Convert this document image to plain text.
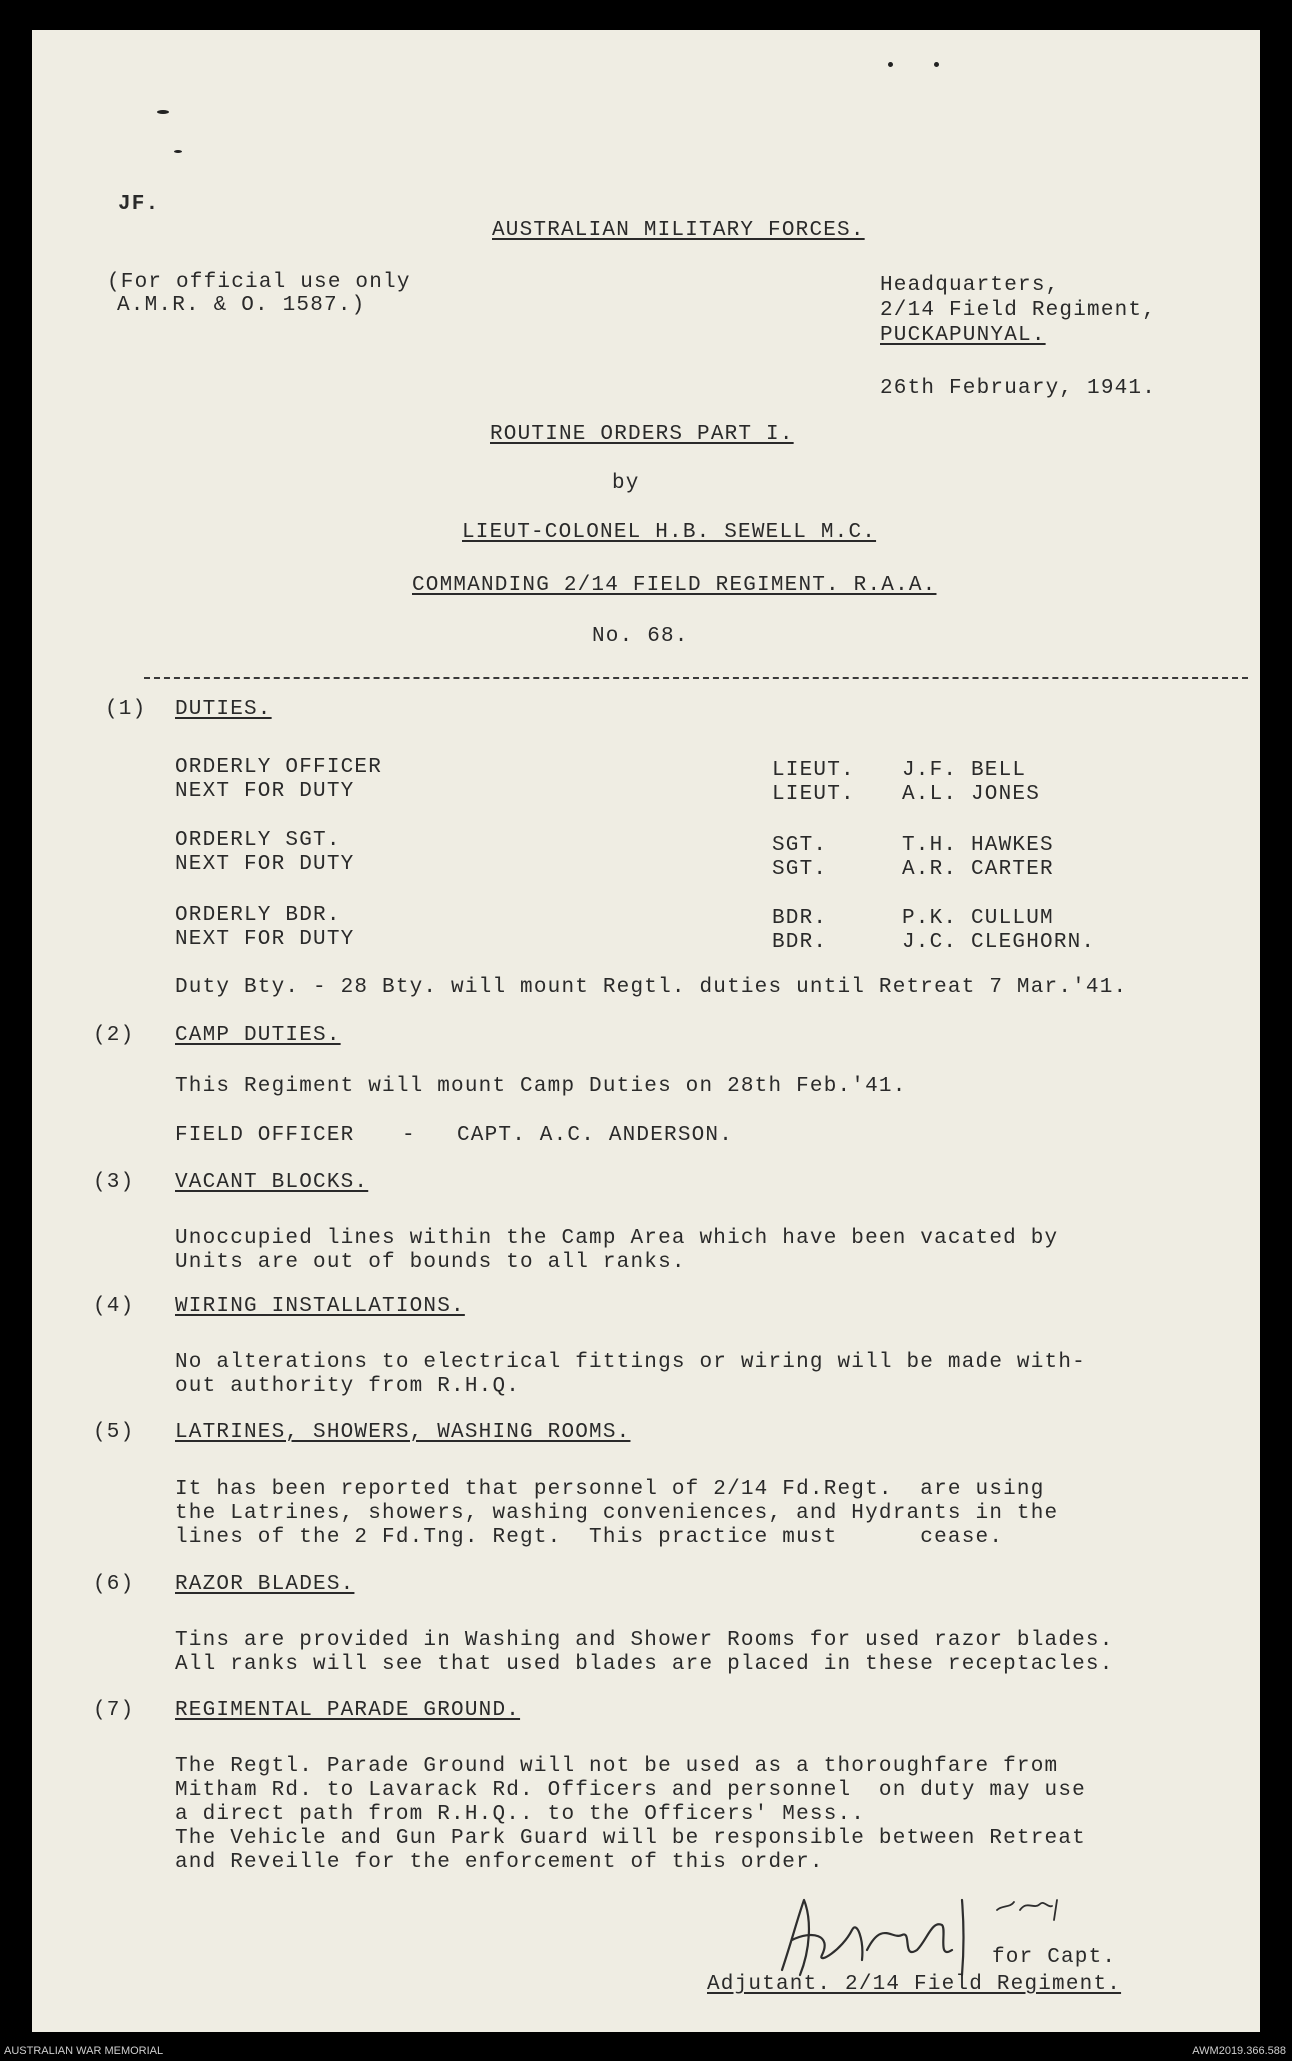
JF.
AUSTRALIAN MILITARY FORCES.
(For official use only
A.M.R. & O. 1587.)
Headquarters,
2/14 Field Regiment,
PUCKAPUNYAL.
26th February, 1941.
ROUTINE ORDERS PART I.
by
LIEUT-COLONEL H.B. SEWELL M.C.
COMMANDING 2/14 FIELD REGIMENT. R.A.A.
No. 68.
(1) DUTIES.
ORDERLY OFFICER	LIEUT. J.F. BELL
NEXT FOR DUTY	LIEUT. A.L. JONES
ORDERLY SGT.	SGT.	T.H. HAWKES
NEXT FOR DUTY	SGT.	A.R. CARTER
ORDERLY BDR.	BDR.	P.K. CULLUM
NEXT FOR DUTY	BDR.	J.C. CLEGHORN.
Duty Bty. - 28 Bty. will mount Regtl. duties until Retreat 7 Mar.'41.
(2) CAMP DUTIES.
This Regiment will mount Camp Duties on 28th Feb.'41.
FIELD OFFICER - CAPT. A.C. ANDERSON.
(3) VACANT BLOCKS.
Unoccupied lines within the Camp Area which have been vacated by
Units are out of bounds to all ranks.
(4) WIRING INSTALLATIONS.
No alterations to electrical fittings or wiring will be made with-
out authority from R.H.Q.
(5) LATRINES, SHOWERS, WASHING ROOMS.
It has been reported that personnel of 2/14 Fd.Regt.  are using
the Latrines, showers, washing conveniences, and Hydrants in the
lines of the 2 Fd.Tng. Regt.  This practice must      cease.
(6) RAZOR BLADES.
Tins are provided in Washing and Shower Rooms for used razor blades.
All ranks will see that used blades are placed in these receptacles.
(7) REGIMENTAL PARADE GROUND.
The Regtl. Parade Ground will not be used as a thoroughfare from
Mitham Rd. to Lavarack Rd. Officers and personnel  on duty may use
a direct path from R.H.Q.. to the Officers' Mess..
The Vehicle and Gun Park Guard will be responsible between Retreat
and Reveille for the enforcement of this order.
for Capt.
Adjutant. 2/14 Field Regiment.
AUSTRALIAN WAR MEMORIAL	AWM2019.366.588
